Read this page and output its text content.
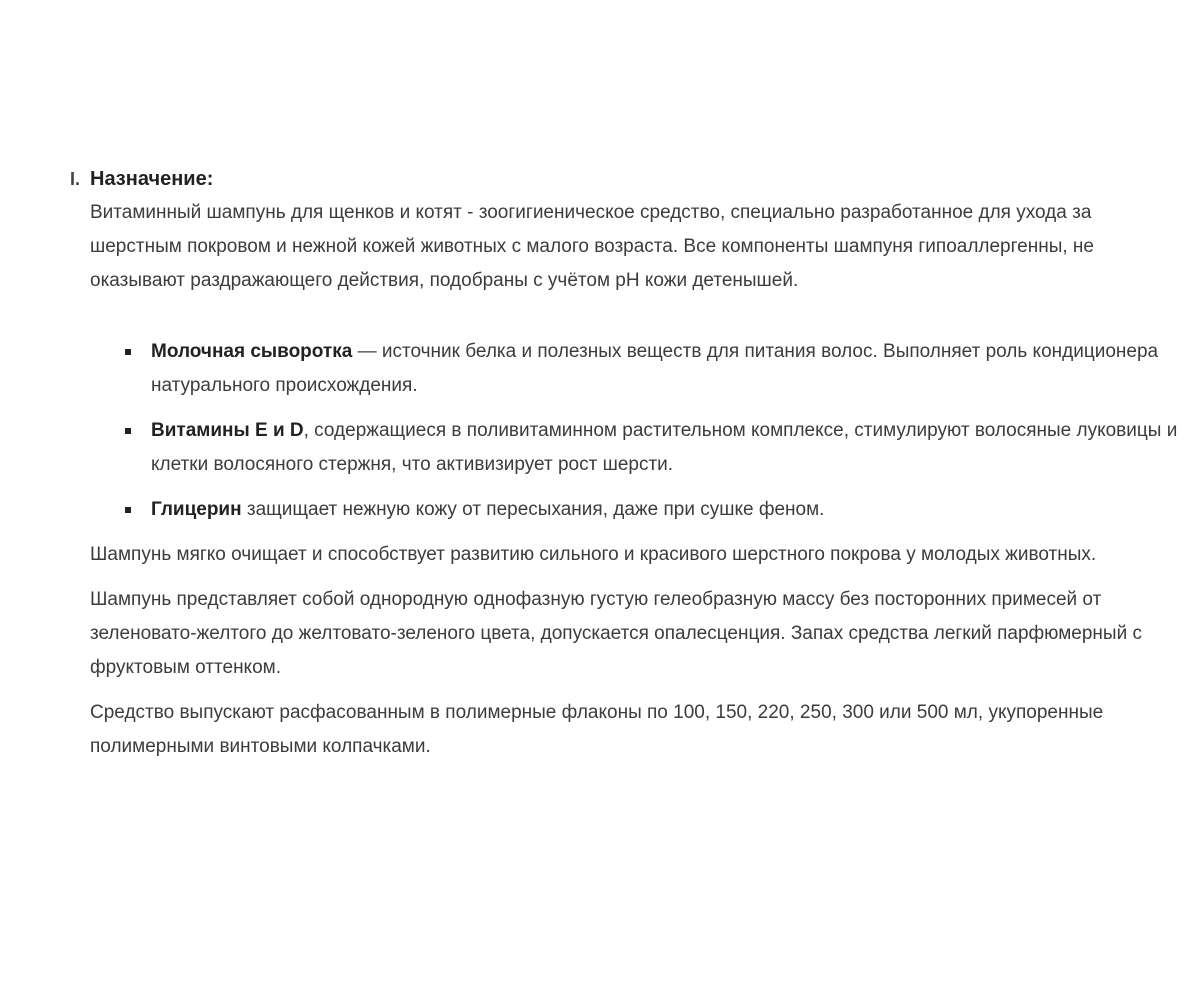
I. Назначение:

Витаминный шампунь для щенков и котят - зоогигиеническое средство, специально разработанное для ухода за шерстным покровом и нежной кожей животных с малого возраста. Все компоненты шампуня гипоаллергенны, не оказывают раздражающего действия, подобраны с учётом pH кожи детенышей.

Молочная сыворотка — источник белка и полезных веществ для питания волос. Выполняет роль кондиционера натурального происхождения.
Витамины E и D, содержащиеся в поливитаминном растительном комплексе, стимулируют волосяные луковицы и клетки волосяного стержня, что активизирует рост шерсти.
Глицерин защищает нежную кожу от пересыхания, даже при сушке феном.

Шампунь мягко очищает и способствует развитию сильного и красивого шерстного покрова у молодых животных.

Шампунь представляет собой однородную однофазную густую гелеобразную массу без посторонних примесей от зеленовато-желтого до желтовато-зеленого цвета, допускается опалесценция. Запах средства легкий парфюмерный с фруктовым оттенком.

Средство выпускают расфасованным в полимерные флаконы по 100, 150, 220, 250, 300 или 500 мл, укупоренные полимерными винтовыми колпачками.
